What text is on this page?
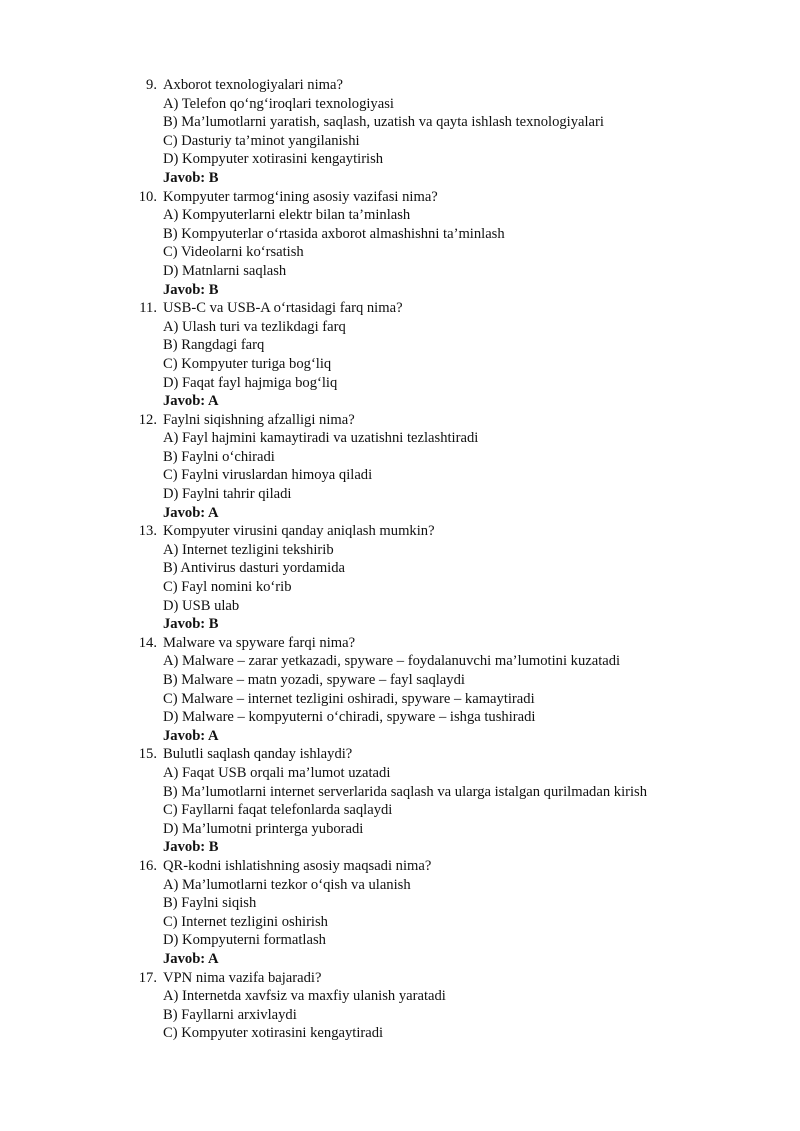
9. Axborot texnologiyalari nima?
A) Telefon qo‘ng‘iroqlari texnologiyasi
B) Ma’lumotlarni yaratish, saqlash, uzatish va qayta ishlash texnologiyalari
C) Dasturiy ta’minot yangilanishi
D) Kompyuter xotirasini kengaytirish
Javob: B
10. Kompyuter tarmog‘ining asosiy vazifasi nima?
A) Kompyuterlarni elektr bilan ta’minlash
B) Kompyuterlar o‘rtasida axborot almashishni ta’minlash
C) Videolarni ko‘rsatish
D) Matnlarni saqlash
Javob: B
11. USB-C va USB-A o‘rtasidagi farq nima?
A) Ulash turi va tezlikdagi farq
B) Rangdagi farq
C) Kompyuter turiga bog‘liq
D) Faqat fayl hajmiga bog‘liq
Javob: A
12. Faylni siqishning afzalligi nima?
A) Fayl hajmini kamaytiradi va uzatishni tezlashtiradi
B) Faylni o‘chiradi
C) Faylni viruslardan himoya qiladi
D) Faylni tahrir qiladi
Javob: A
13. Kompyuter virusini qanday aniqlash mumkin?
A) Internet tezligini tekshirib
B) Antivirus dasturi yordamida
C) Fayl nomini ko‘rib
D) USB ulab
Javob: B
14. Malware va spyware farqi nima?
A) Malware – zarar yetkazadi, spyware – foydalanuvchi ma’lumotini kuzatadi
B) Malware – matn yozadi, spyware – fayl saqlaydi
C) Malware – internet tezligini oshiradi, spyware – kamaytiradi
D) Malware – kompyuterni o‘chiradi, spyware – ishga tushiradi
Javob: A
15. Bulutli saqlash qanday ishlaydi?
A) Faqat USB orqali ma’lumot uzatadi
B) Ma’lumotlarni internet serverlarida saqlash va ularga istalgan qurilmadan kirish
C) Fayllarni faqat telefonlarda saqlaydi
D) Ma’lumotni printerga yuboradi
Javob: B
16. QR-kodni ishlatishning asosiy maqsadi nima?
A) Ma’lumotlarni tezkor o‘qish va ulanish
B) Faylni siqish
C) Internet tezligini oshirish
D) Kompyuterni formatlash
Javob: A
17. VPN nima vazifa bajaradi?
A) Internetda xavfsiz va maxfiy ulanish yaratadi
B) Fayllarni arxivlaydi
C) Kompyuter xotirasini kengaytiradi
